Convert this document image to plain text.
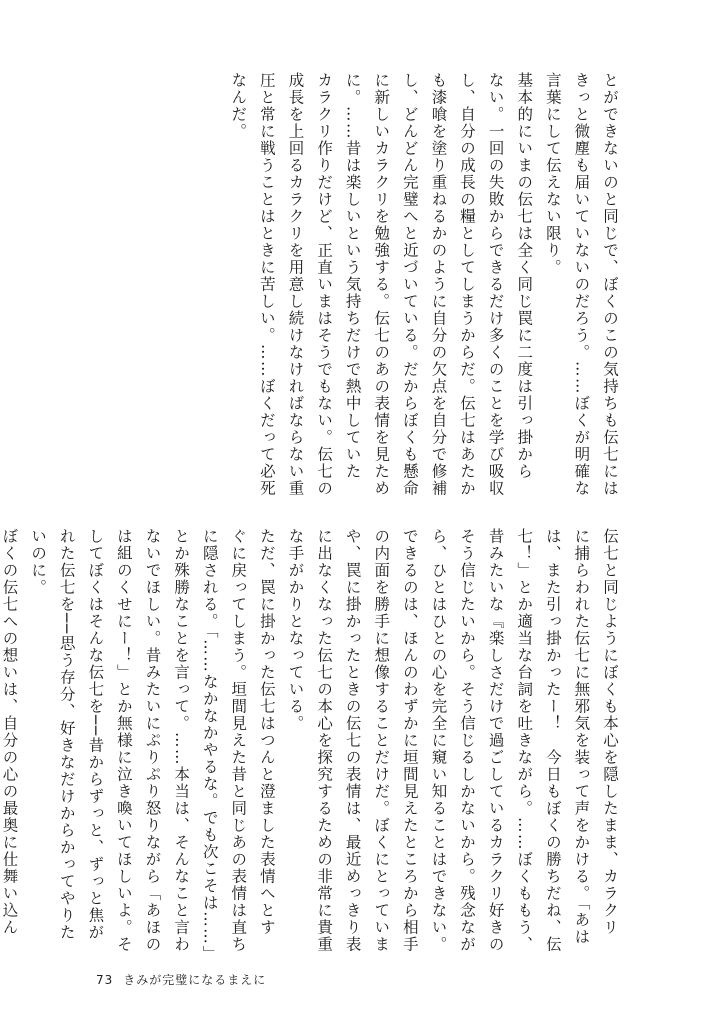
とができないのと同じで、ぼくのこの気持ちも伝七には
きっと微塵も届いていないのだろう。……ぼくが明確な
言葉にして伝えない限り。
基本的にいまの伝七は全く同じ罠に二度は引っ掛から
ない。一回の失敗からできるだけ多くのことを学び吸収
し、自分の成長の糧としてしまうからだ。伝七はあたか
も漆喰を塗り重ねるかのように自分の欠点を自分で修補
し、どんどん完璧へと近づいている。だからぼくも懸命
に新しいカラクリを勉強する。伝七のあの表情を見ため
に。……昔は楽しいという気持ちだけで熱中していた
カラクリ作りだけど、正直いまはそうでもない。伝七の
成長を上回るカラクリを用意し続けなければならない重
圧と常に戦うことはときに苦しい。……ぼくだって必死
なんだ。
伝七と同じようにぼくも本心を隠したまま、カラクリ
に捕らわれた伝七に無邪気を装って声をかける。「あは
は、また引っ掛かったー！　今日もぼくの勝ちだね、伝
七！」とか適当な台詞を吐きながら。……ぼくももう、
昔みたいな『楽しさだけで過ごしているカラクリ好きの
そう信じたいから。そう信じるしかないから。残念なが
ら、ひとはひとの心を完全に窺い知ることはできない。
できるのは、ほんのわずかに垣間見えたところから相手
の内面を勝手に想像することだけだ。ぼくにとっていま
や、罠に掛かったときの伝七の表情は、最近めっきり表
に出なくなった伝七の本心を探究するための非常に貴重
な手がかりとなっている。
ただ、罠に掛かった伝七はつんと澄ました表情へとす
ぐに戻ってしまう。垣間見えた昔と同じあの表情は直ち
に隠される。「……なかなかやるな。でも次こそは……」
とか殊勝なことを言って。……本当は、そんなこと言わ
ないでほしい。昔みたいにぷりぷり怒りながら「あほの
は組のくせにー！」とか無様に泣き喚いてほしいよ。そ
してぼくはそんな伝七を──昔からずっと、ずっと焦が
れた伝七を──思う存分、好きなだけからかってやりた
いのに。
ぼくの伝七への想いは、自分の心の最奥に仕舞い込ん
73 きみが完璧になるまえに
